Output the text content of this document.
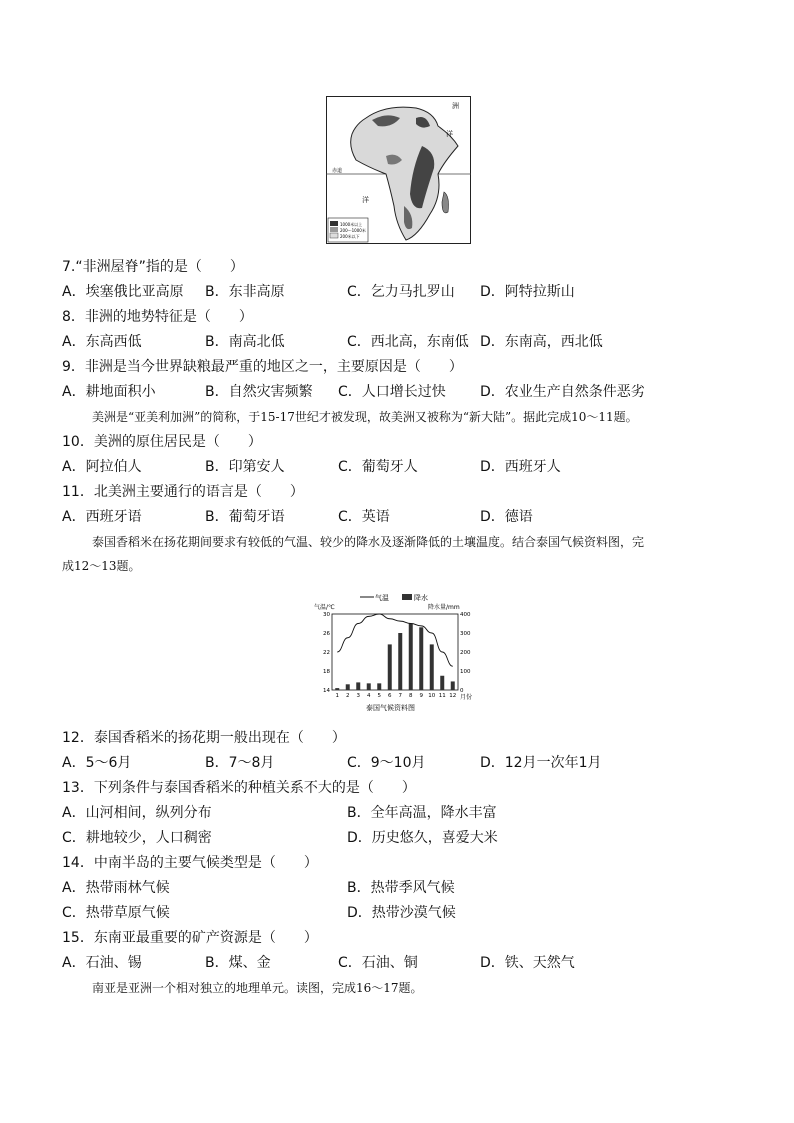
洲
洋
赤道
洋
1000米以上
200～1000米
200米以下
7.“非洲屋脊”指的是（　　）
A．埃塞俄比亚高原 B．东非高原	C．乞力马扎罗山 D．阿特拉斯山
8．非洲的地势特征是（　　）
A．东高西低	B．南高北低	C．西北高，东南低 D．东南高，西北低
9．非洲是当今世界缺粮最严重的地区之一，主要原因是（　　）
A．耕地面积小	B．自然灾害频繁 C．人口增长过快 D．农业生产自然条件恶劣
美洲是“亚美利加洲”的简称，于15-17世纪才被发现，故美洲又被称为“新大陆”。据此完成10～11题。
10．美洲的原住居民是（　　）
A．阿拉伯人	B．印第安人	C．葡萄牙人	D．西班牙人
11．北美洲主要通行的语言是（　　）
A．西班牙语	B．葡萄牙语	C．英语	D．德语
泰国香稻米在扬花期间要求有较低的气温、较少的降水及逐渐降低的土壤温度。结合泰国气候资料图，完
成12～13题。
气温	降水
气温/℃	降水量/mm
30
26
22
18
14
400
300
200
100
0
1 2 3 4 5 6 7 8 9 10 11 12 月份
泰国气候资料图
12．泰国香稻米的扬花期一般出现在（　　）
A．5～6月	B．7～8月	C．9～10月	D．12月一次年1月
13．下列条件与泰国香稻米的种植关系不大的是（　　）
A．山河相间，纵列分布	B．全年高温，降水丰富
C．耕地较少，人口稠密	D．历史悠久，喜爱大米
14．中南半岛的主要气候类型是（　　）
A．热带雨林气候	B．热带季风气候
C．热带草原气候	D．热带沙漠气候
15．东南亚最重要的矿产资源是（　　）
A．石油、锡	B．煤、金	C．石油、铜	D．铁、天然气
南亚是亚洲一个相对独立的地理单元。读图，完成16～17题。
